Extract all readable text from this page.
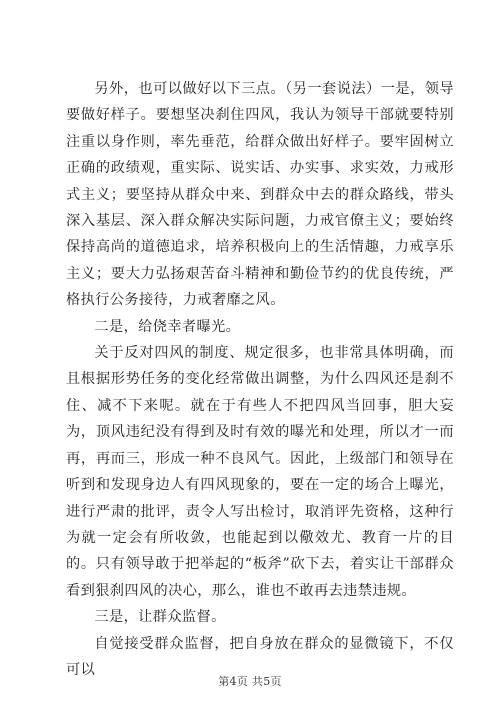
另外，也可以做好以下三点。（另一套说法）一是，领导要做好样子。要想坚决刹住四风，我认为领导干部就要特别注重以身作则，率先垂范，给群众做出好样子。要牢固树立正确的政绩观，重实际、说实话、办实事、求实效，力戒形式主义；要坚持从群众中来、到群众中去的群众路线，带头深入基层、深入群众解决实际问题，力戒官僚主义；要始终保持高尚的道德追求，培养积极向上的生活情趣，力戒享乐主义；要大力弘扬艰苦奋斗精神和勤俭节约的优良传统，严格执行公务接待，力戒奢靡之风。

二是，给侥幸者曝光。

关于反对四风的制度、规定很多，也非常具体明确，而且根据形势任务的变化经常做出调整，为什么四风还是刹不住、减不下来呢。就在于有些人不把四风当回事，胆大妄为，顶风违纪没有得到及时有效的曝光和处理，所以才一而再，再而三，形成一种不良风气。因此，上级部门和领导在听到和发现身边人有四风现象的，要在一定的场合上曝光，进行严肃的批评，责令人写出检讨，取消评先资格，这种行为就一定会有所收敛，也能起到以儆效尤、教育一片的目的。只有领导敢于把举起的“板斧”砍下去，着实让干部群众看到狠刹四风的决心，那么，谁也不敢再去违禁违规。

三是，让群众监督。

自觉接受群众监督，把自身放在群众的显微镜下，不仅可以

第4页 共5页
